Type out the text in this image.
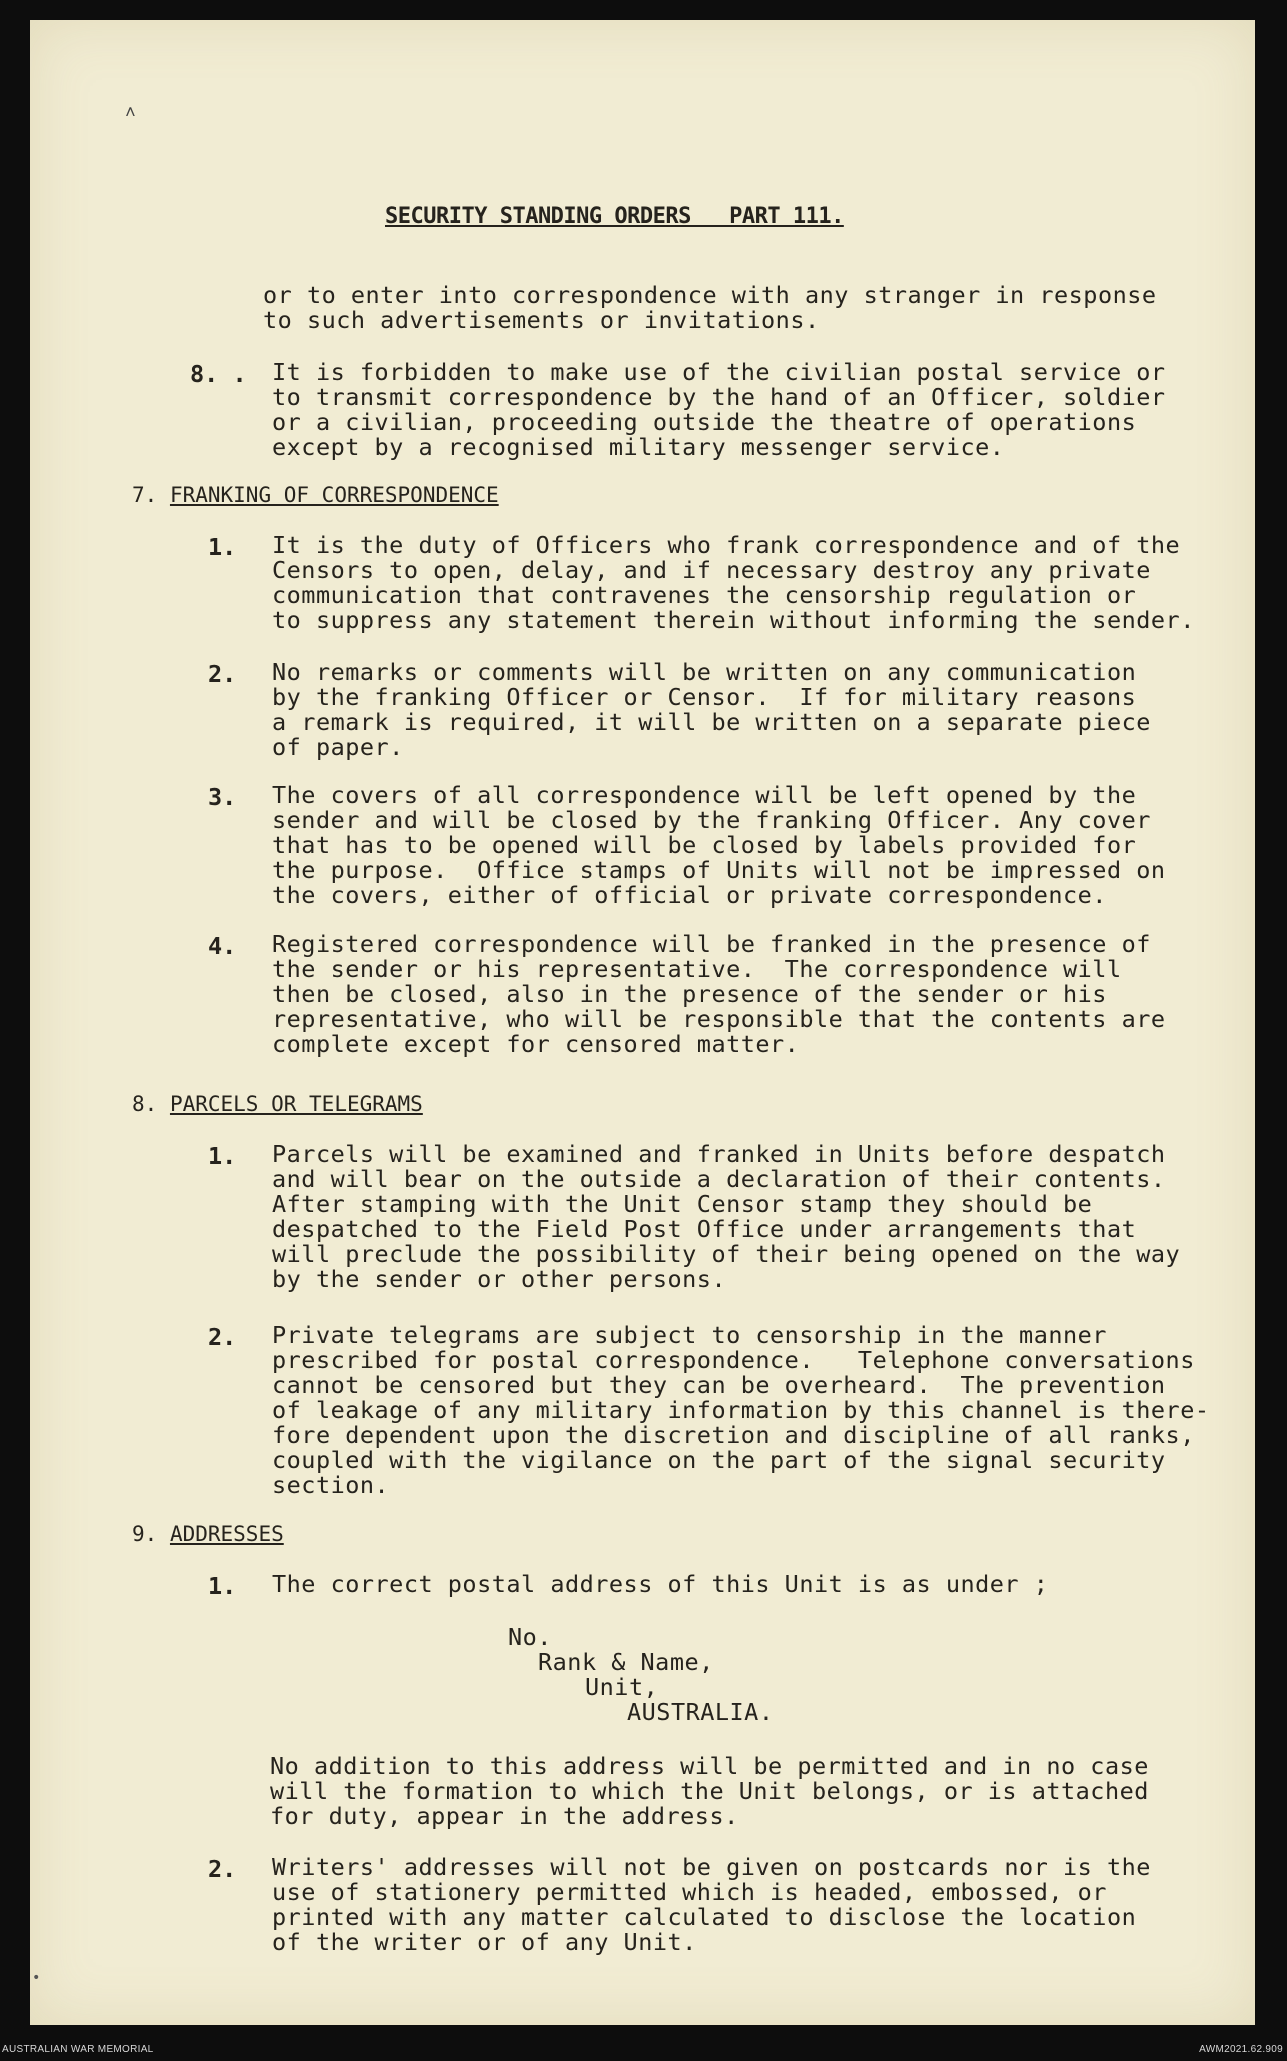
˄
SECURITY STANDING ORDERS   PART 111.
or to enter into correspondence with any stranger in response
to such advertisements or invitations.
8. . It is forbidden to make use of the civilian postal service or
to transmit correspondence by the hand of an Officer, soldier
or a civilian, proceeding outside the theatre of operations
except by a recognised military messenger service.
7. FRANKING OF CORRESPONDENCE
1. It is the duty of Officers who frank correspondence and of the
Censors to open, delay, and if necessary destroy any private
communication that contravenes the censorship regulation or
to suppress any statement therein without informing the sender.
2. No remarks or comments will be written on any communication
by the franking Officer or Censor.  If for military reasons
a remark is required, it will be written on a separate piece
of paper.
3. The covers of all correspondence will be left opened by the
sender and will be closed by the franking Officer. Any cover
that has to be opened will be closed by labels provided for
the purpose.  Office stamps of Units will not be impressed on
the covers, either of official or private correspondence.
4. Registered correspondence will be franked in the presence of
the sender or his representative.  The correspondence will
then be closed, also in the presence of the sender or his
representative, who will be responsible that the contents are
complete except for censored matter.
8. PARCELS OR TELEGRAMS
1. Parcels will be examined and franked in Units before despatch
and will bear on the outside a declaration of their contents.
After stamping with the Unit Censor stamp they should be
despatched to the Field Post Office under arrangements that
will preclude the possibility of their being opened on the way
by the sender or other persons.
2. Private telegrams are subject to censorship in the manner
prescribed for postal correspondence.   Telephone conversations
cannot be censored but they can be overheard.  The prevention
of leakage of any military information by this channel is there-
fore dependent upon the discretion and discipline of all ranks,
coupled with the vigilance on the part of the signal security
section.
9. ADDRESSES
1. The correct postal address of this Unit is as under ;
No.
Rank & Name,
Unit,
AUSTRALIA.
No addition to this address will be permitted and in no case
will the formation to which the Unit belongs, or is attached
for duty, appear in the address.
2. Writers' addresses will not be given on postcards nor is the
use of stationery permitted which is headed, embossed, or
printed with any matter calculated to disclose the location
of the writer or of any Unit.
•
AUSTRALIAN WAR MEMORIAL	AWM2021.62.909
